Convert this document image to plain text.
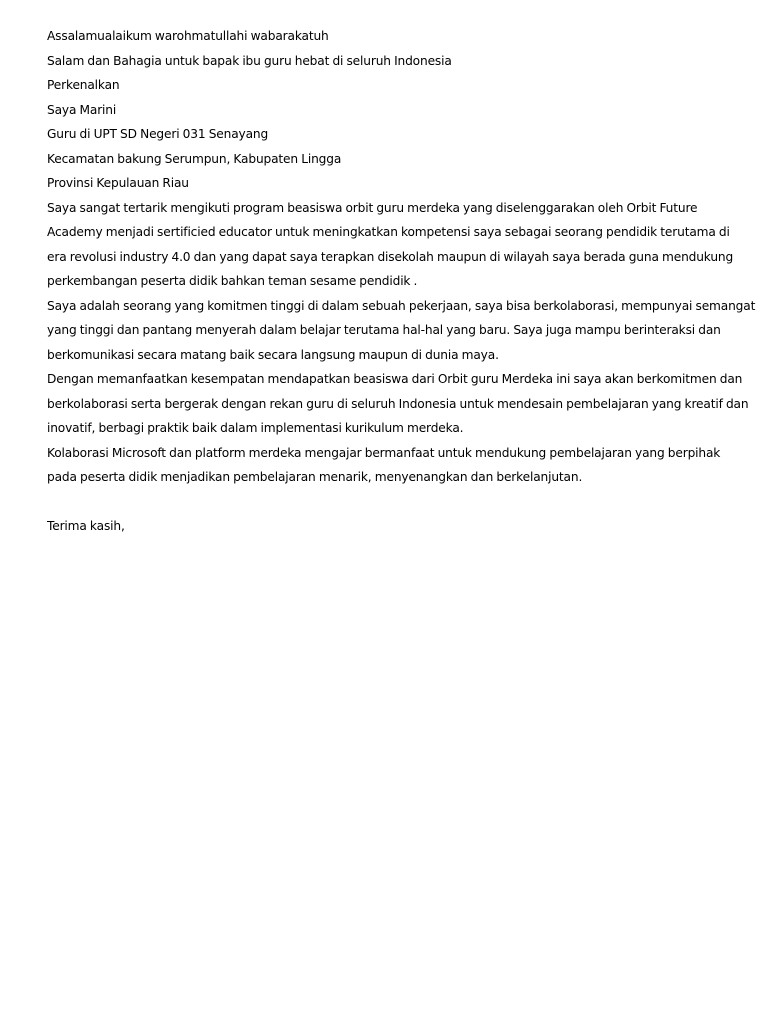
Assalamualaikum warohmatullahi wabarakatuh
Salam dan Bahagia untuk bapak ibu guru hebat di seluruh Indonesia
Perkenalkan
Saya Marini
Guru di UPT SD Negeri 031 Senayang
Kecamatan bakung Serumpun, Kabupaten Lingga
Provinsi Kepulauan Riau
Saya sangat tertarik mengikuti program beasiswa orbit guru merdeka yang diselenggarakan oleh Orbit Future
Academy menjadi sertificied educator untuk meningkatkan kompetensi saya sebagai seorang pendidik terutama di
era revolusi industry 4.0 dan yang dapat saya terapkan disekolah maupun di wilayah saya berada guna mendukung
perkembangan peserta didik bahkan teman sesame pendidik .
Saya adalah seorang yang komitmen tinggi di dalam sebuah pekerjaan, saya bisa berkolaborasi, mempunyai semangat
yang tinggi dan pantang menyerah dalam belajar terutama hal-hal yang baru. Saya juga mampu berinteraksi dan
berkomunikasi secara matang baik secara langsung maupun di dunia maya.
Dengan memanfaatkan kesempatan mendapatkan beasiswa dari Orbit guru Merdeka ini saya akan berkomitmen dan
berkolaborasi serta bergerak dengan rekan guru di seluruh Indonesia untuk mendesain pembelajaran yang kreatif dan
inovatif, berbagi praktik baik dalam implementasi kurikulum merdeka.
Kolaborasi Microsoft dan platform merdeka mengajar bermanfaat untuk mendukung pembelajaran yang berpihak
pada peserta didik menjadikan pembelajaran menarik, menyenangkan dan berkelanjutan.
Terima kasih,
